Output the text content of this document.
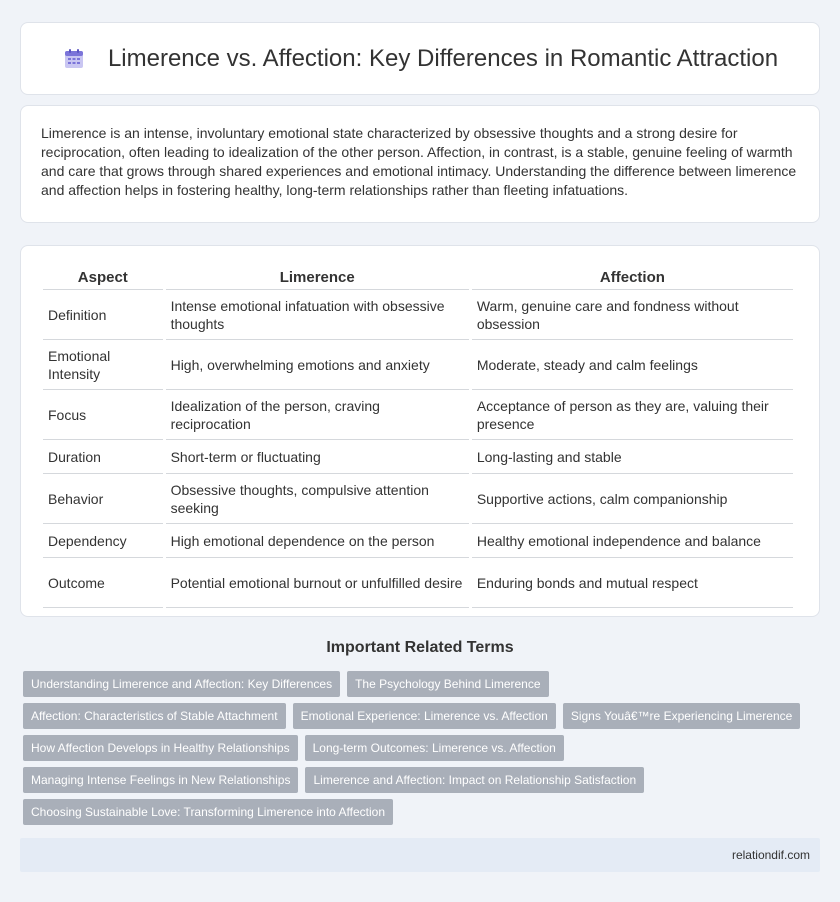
Limerence vs. Affection: Key Differences in Romantic Attraction

Limerence is an intense, involuntary emotional state characterized by obsessive thoughts and a strong desire for reciprocation, often leading to idealization of the other person. Affection, in contrast, is a stable, genuine feeling of warmth and care that grows through shared experiences and emotional intimacy. Understanding the difference between limerence and affection helps in fostering healthy, long-term relationships rather than fleeting infatuations.

Aspect	Limerence	Affection
Definition	Intense emotional infatuation with obsessive thoughts	Warm, genuine care and fondness without obsession
Emotional Intensity	High, overwhelming emotions and anxiety	Moderate, steady and calm feelings
Focus	Idealization of the person, craving reciprocation	Acceptance of person as they are, valuing their presence
Duration	Short-term or fluctuating	Long-lasting and stable
Behavior	Obsessive thoughts, compulsive attention seeking	Supportive actions, calm companionship
Dependency	High emotional dependence on the person	Healthy emotional independence and balance
Outcome	Potential emotional burnout or unfulfilled desire	Enduring bonds and mutual respect
Important Related Terms
Understanding Limerence and Affection: Key Differences	The Psychology Behind Limerence
Affection: Characteristics of Stable Attachment	Emotional Experience: Limerence vs. Affection	Signs Youâ€™re Experiencing Limerence
How Affection Develops in Healthy Relationships	Long-term Outcomes: Limerence vs. Affection
Managing Intense Feelings in New Relationships	Limerence and Affection: Impact on Relationship Satisfaction
Choosing Sustainable Love: Transforming Limerence into Affection
relationdif.com
